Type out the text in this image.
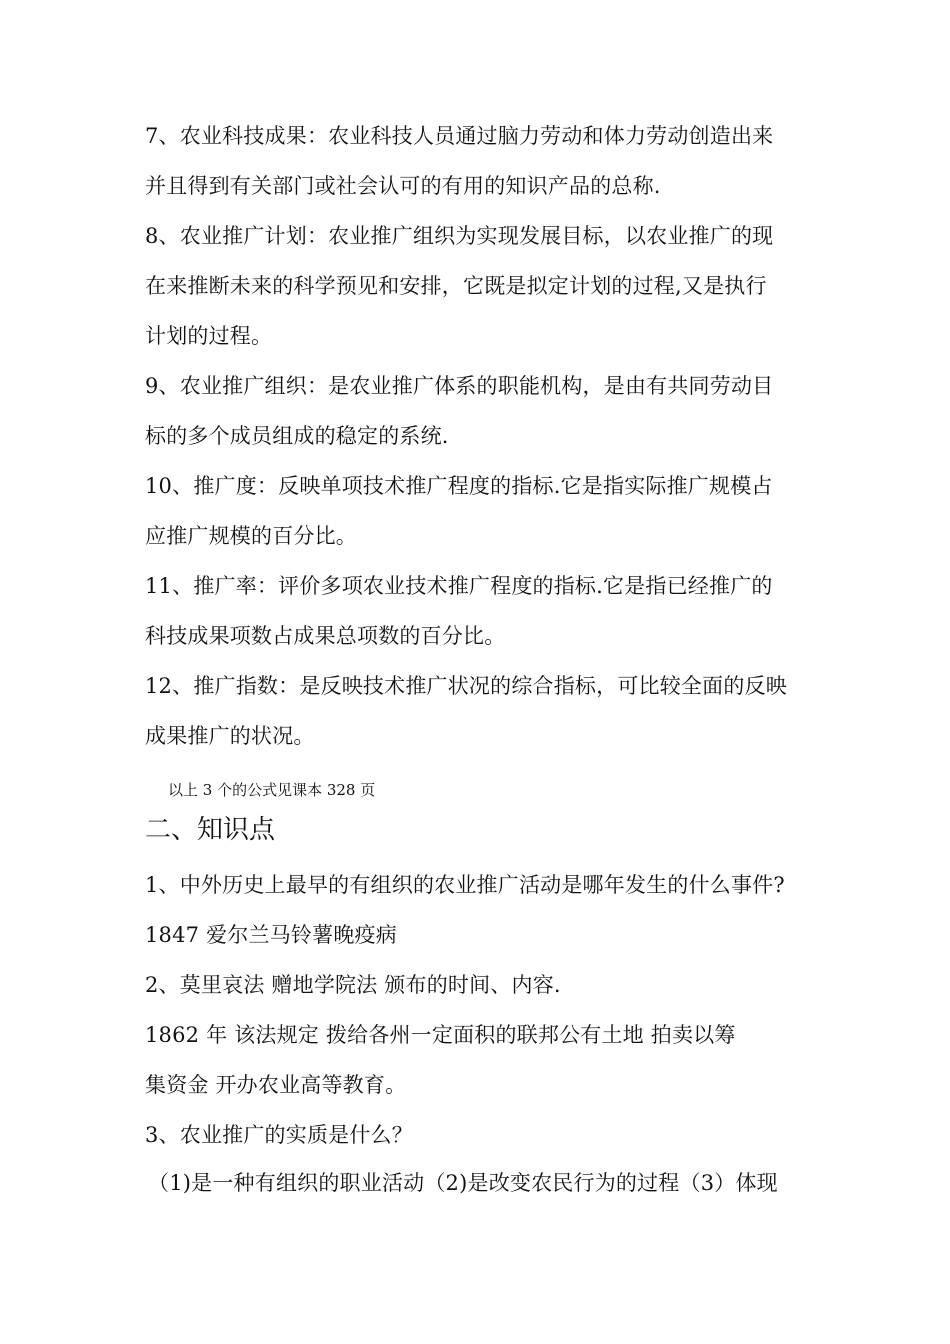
7、农业科技成果：农业科技人员通过脑力劳动和体力劳动创造出来
并且得到有关部门或社会认可的有用的知识产品的总称.
8、农业推广计划：农业推广组织为实现发展目标，以农业推广的现
在来推断未来的科学预见和安排，它既是拟定计划的过程,又是执行
计划的过程。
9、农业推广组织：是农业推广体系的职能机构，是由有共同劳动目
标的多个成员组成的稳定的系统.
10、推广度：反映单项技术推广程度的指标.它是指实际推广规模占
应推广规模的百分比。
11、推广率：评价多项农业技术推广程度的指标.它是指已经推广的
科技成果项数占成果总项数的百分比。
12、推广指数：是反映技术推广状况的综合指标，可比较全面的反映
成果推广的状况。
以上 3 个的公式见课本 328 页
二、知识点
1、中外历史上最早的有组织的农业推广活动是哪年发生的什么事件?
1847 爱尔兰马铃薯晚疫病
2、莫里哀法 赠地学院法 颁布的时间、内容.
1862 年 该法规定 拨给各州一定面积的联邦公有土地 拍卖以筹
集资金 开办农业高等教育。
3、农业推广的实质是什么？
（1)是一种有组织的职业活动（2)是改变农民行为的过程（3）体现
